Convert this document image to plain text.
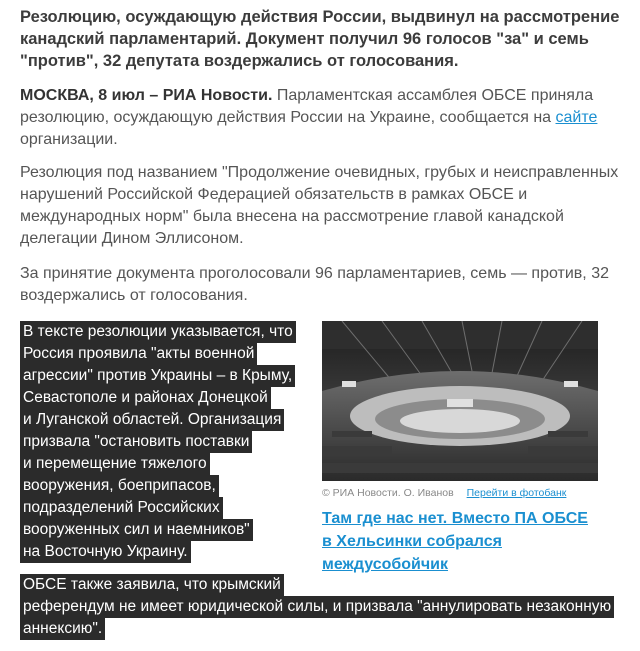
Резолюцию, осуждающую действия России, выдвинул на рассмотрение канадский парламентарий. Документ получил 96 голосов "за" и семь "против", 32 депутата воздержались от голосования.

МОСКВА, 8 июл – РИА Новости. Парламентская ассамблея ОБСЕ приняла резолюцию, осуждающую действия России на Украине, сообщается на сайте организации.

Резолюция под названием "Продолжение очевидных, грубых и неисправленных нарушений Российской Федерацией обязательств в рамках ОБСЕ и международных норм" была внесена на рассмотрение главой канадской делегации Дином Эллисоном.

За принятие документа проголосовали 96 парламентариев, семь — против, 32 воздержались от голосования.

В тексте резолюции указывается, что
Россия проявила "акты военной
агрессии" против Украины – в Крыму,
Севастополе и районах Донецкой
и Луганской областей. Организация
призвала "остановить поставки
и перемещение тяжелого
вооружения, боеприпасов,
подразделений Российских
вооруженных сил и наемников"
на Восточную Украину.
© РИА Новости. О. Иванов Перейти в фотобанк
Там где нас нет. Вместо ПА ОБСЕ в Хельсинки собрался междусобойчик
ОБСЕ также заявила, что крымский
референдум не имеет юридической силы, и призвала "аннулировать незаконную
аннексию".
